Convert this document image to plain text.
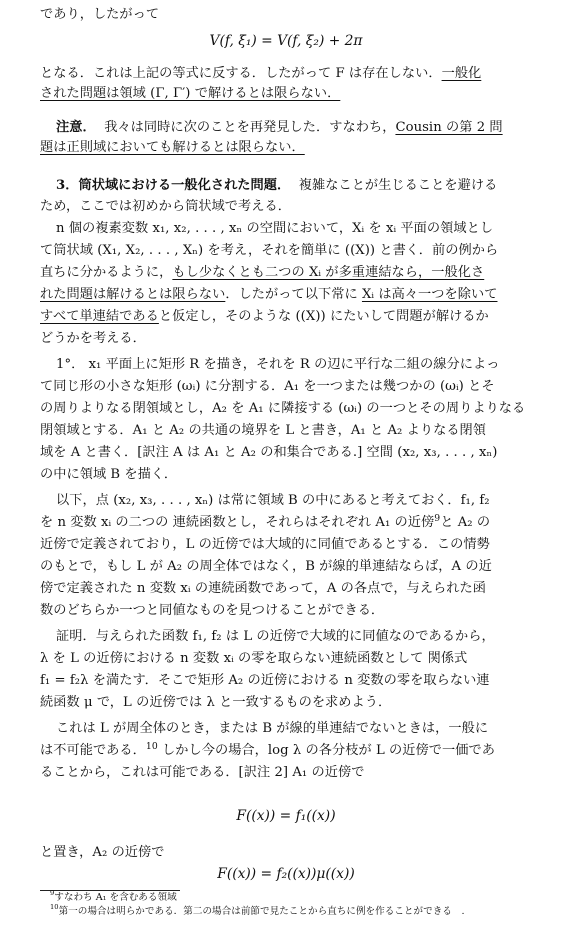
であり，したがって
V(f, ξ₁) = V(f, ξ₂) + 2π
となる．これは上記の等式に反する．したがって F は存在しない．一般化
された問題は領域 (Γ, Γ′) で解けるとは限らない．
注意． 我々は同時に次のことを再発見した．すなわち，Cousin の第 2 問
題は正則域においても解けるとは限らない．
3．筒状域における一般化された問題． 複雑なことが生じることを避ける
ため，ここでは初めから筒状域で考える．
n 個の複素変数 x₁, x₂, . . . , xₙ の空間において，Xᵢ を xᵢ 平面の領域とし
て筒状域 (X₁, X₂, . . . , Xₙ) を考え，それを簡単に ((X)) と書く．前の例から
直ちに分かるように，もし少なくとも二つの Xᵢ が多重連結なら，一般化さ
れた問題は解けるとは限らない．したがって以下常に Xᵢ は高々一つを除いて
すべて単連結であると仮定し，そのような ((X)) にたいして問題が解けるか
どうかを考える．
1°． x₁ 平面上に矩形 R を描き，それを R の辺に平行な二組の線分によっ
て同じ形の小さな矩形 (ωᵢ) に分割する．A₁ を一つまたは幾つかの (ωᵢ) とそ
の周りよりなる閉領域とし，A₂ を A₁ に隣接する (ωᵢ) の一つとその周りよりなる
閉領域とする．A₁ と A₂ の共通の境界を L と書き，A₁ と A₂ よりなる閉領
域を A と書く．[訳注 A は A₁ と A₂ の和集合である.] 空間 (x₂, x₃, . . . , xₙ)
の中に領域 B を描く．
以下，点 (x₂, x₃, . . . , xₙ) は常に領域 B の中にあると考えておく．f₁, f₂
を n 変数 xᵢ の二つの 連続函数とし，それらはそれぞれ A₁ の近傍$^9$と A₂ の
近傍で定義されており，L の近傍では大域的に同値であるとする．この情勢
のもとで，もし L が A₂ の周全体ではなく，B が線的単連結ならば，A の近
傍で定義された n 変数 xᵢ の連続函数であって，A の各点で，与えられた函
数のどちらか一つと同値なものを見つけることができる．
証明．与えられた函数 f₁, f₂ は L の近傍で大域的に同値なのであるから，
λ を L の近傍における n 変数 xᵢ の零を取らない連続函数として 関係式
f₁ = f₂λ を満たす．そこで矩形 A₂ の近傍における n 変数の零を取らない連
続函数 μ で，L の近傍では λ と一致するものを求めよう．
これは L が周全体のとき，または B が線的単連結でないときは，一般に
は不可能である．$^{10}$ しかし今の場合，log λ の各分枝が L の近傍で一価であ
ることから，これは可能である．[訳注 2] A₁ の近傍で
F((x)) = f₁((x))
と置き，A₂ の近傍で
F((x)) = f₂((x))μ((x))
$^9$すなわち A₁ を含むある領域
$^{10}$第一の場合は明らかである．第二の場合は前節で見たことから直ちに例を作ることができる　.
